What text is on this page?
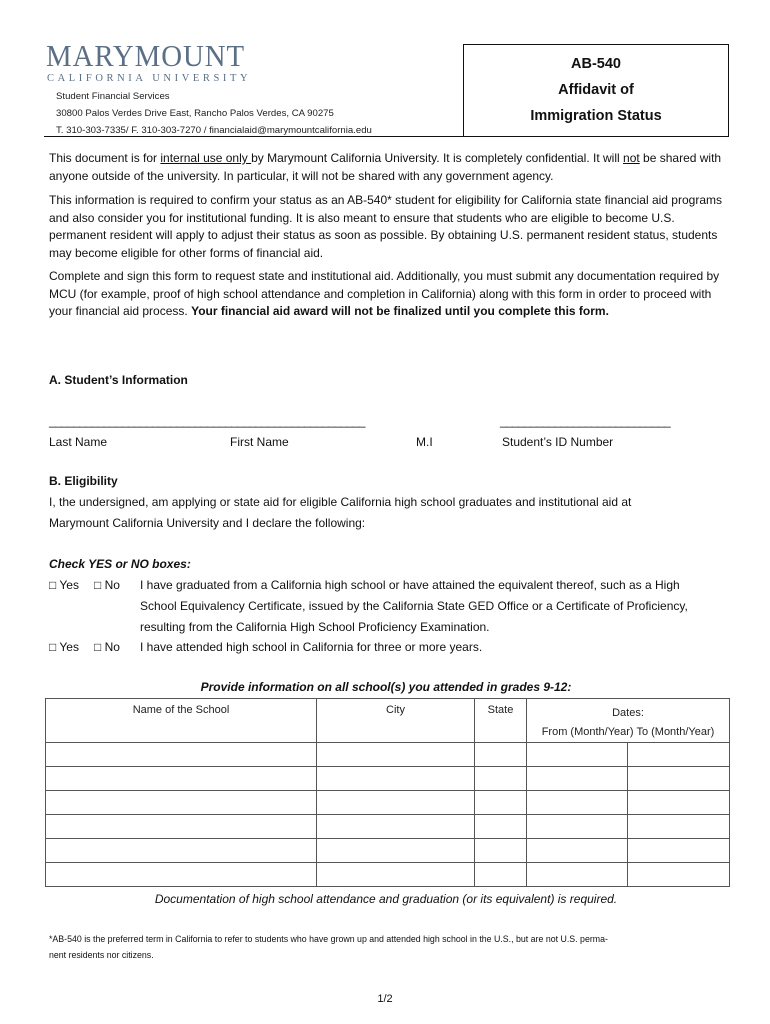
MARYMOUNT
CALIFORNIA UNIVERSITY
Student Financial Services
30800 Palos Verdes Drive East, Rancho Palos Verdes, CA 90275
T. 310-303-7335/ F. 310-303-7270 / financialaid@marymountcalifornia.edu
AB-540
Affidavit of
Immigration Status
This document is for internal use only by Marymount California University. It is completely confidential. It will not be shared with anyone outside of the university. In particular, it will not be shared with any government agency.
This information is required to confirm your status as an AB-540* student for eligibility for California state financial aid programs and also consider you for institutional funding. It is also meant to ensure that students who are eligible to become U.S. permanent resident will apply to adjust their status as soon as possible. By obtaining U.S. permanent resident status, students may become eligible for other forms of financial aid.
Complete and sign this form to request state and institutional aid. Additionally, you must submit any documentation required by MCU (for example, proof of high school attendance and completion in California) along with this form in order to proceed with your financial aid process. Your financial aid award will not be finalized until you complete this form.
A. Student’s Information
____________________________________________________	____________________________
Last Name	First Name	M.I	Student’s ID Number
B. Eligibility
I, the undersigned, am applying or state aid for eligible California high school graduates and institutional aid at
Marymount California University and I declare the following:
Check YES or NO boxes:
□ Yes □ No I have graduated from a California high school or have attained the equivalent thereof, such as a High
School Equivalency Certificate, issued by the California State GED Office or a Certificate of Proficiency,
resulting from the California High School Proficiency Examination.
□ Yes □ No I have attended high school in California for three or more years.
Provide information on all school(s) you attended in grades 9-12:
Name of the School	City	State	Dates:
From (Month/Year) To (Month/Year)	

Documentation of high school attendance and graduation (or its equivalent) is required.
*AB-540 is the preferred term in California to refer to students who have grown up and attended high school in the U.S., but are not U.S. perma-
nent residents nor citizens.
1/2
